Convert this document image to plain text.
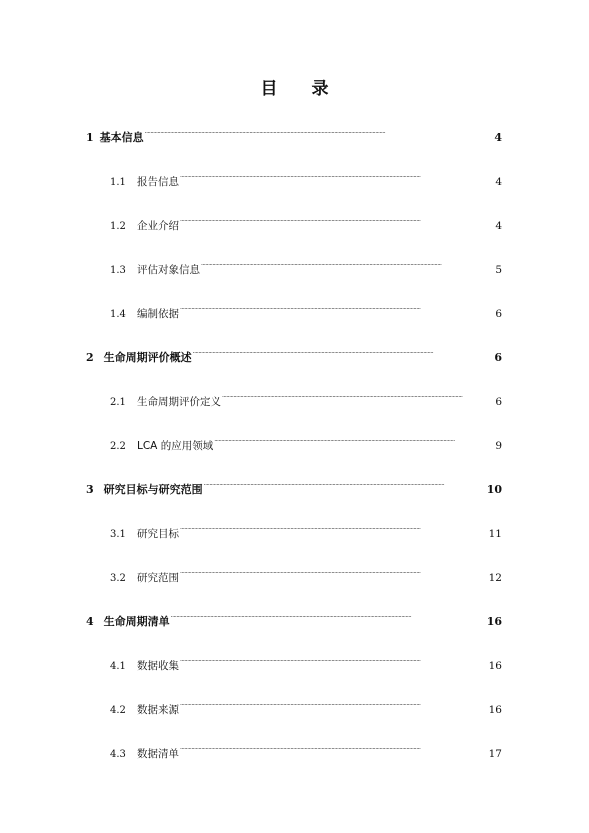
目 录
1 基本信息 . . .	4
1.1	报告信息 . . .	4
1.2	企业介绍 . . .	4
1.3	评估对象信息 . . .	5
1.4	编制依据 . . .	6
2 生命周期评价概述 . . .	6
2.1	生命周期评价定义 . . .	6
2.2	LCA 的应用领域 . . .	9
3 研究目标与研究范围 . . .	10
3.1	研究目标 . . .	11
3.2	研究范围 . . .	12
4 生命周期清单 . . .	16
4.1	数据收集 . . .	16
4.2	数据来源 . . .	16
4.3	数据清单 . . .	17
